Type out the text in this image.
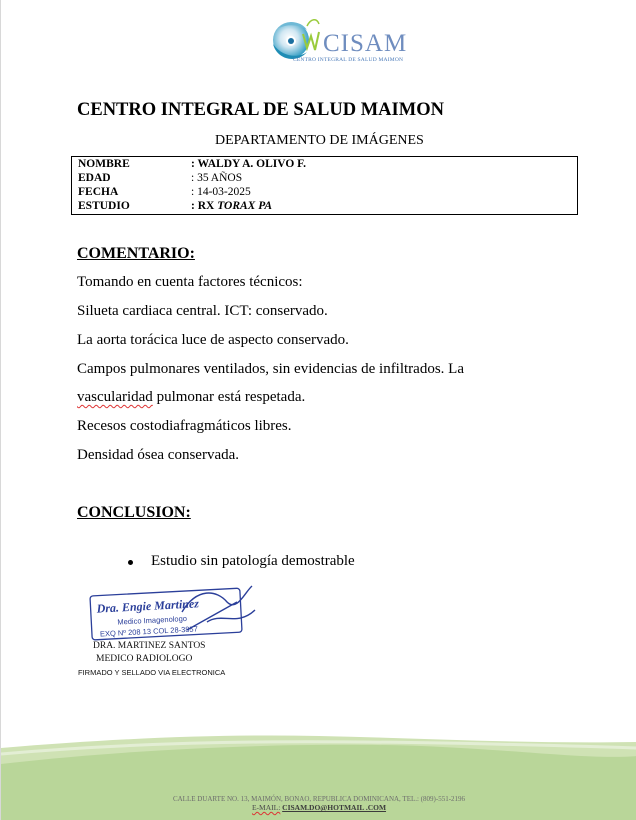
CISAM
CENTRO INTEGRAL DE SALUD MAIMON
CENTRO INTEGRAL DE SALUD MAIMON
DEPARTAMENTO DE IMÁGENES
NOMBRE	: WALDY A. OLIVO F.
EDAD	: 35 AÑOS
FECHA	: 14-03-2025
ESTUDIO	: RX TORAX PA
COMENTARIO:
Tomando en cuenta factores técnicos:
Silueta cardiaca central. ICT: conservado.
La aorta torácica luce de aspecto conservado.
Campos pulmonares ventilados, sin evidencias de infiltrados. La
vascularidad pulmonar está respetada.
Recesos costodiafragmáticos libres.
Densidad ósea conservada.
CONCLUSION:
Estudio sin patología demostrable
Dra. Engie Martinez
Medico Imagenologo
EXQ Nº 208 13 COL 28-3857
DRA. MARTINEZ SANTOS
MEDICO RADIOLOGO
FIRMADO Y SELLADO VIA ELECTRONICA
CALLE DUARTE NO. 13, MAIMÓN, BONAO, REPUBLICA DOMINICANA, TEL.: (809)-551-2196
E-MAIL: CISAM.DO@HOTMAIL .COM
